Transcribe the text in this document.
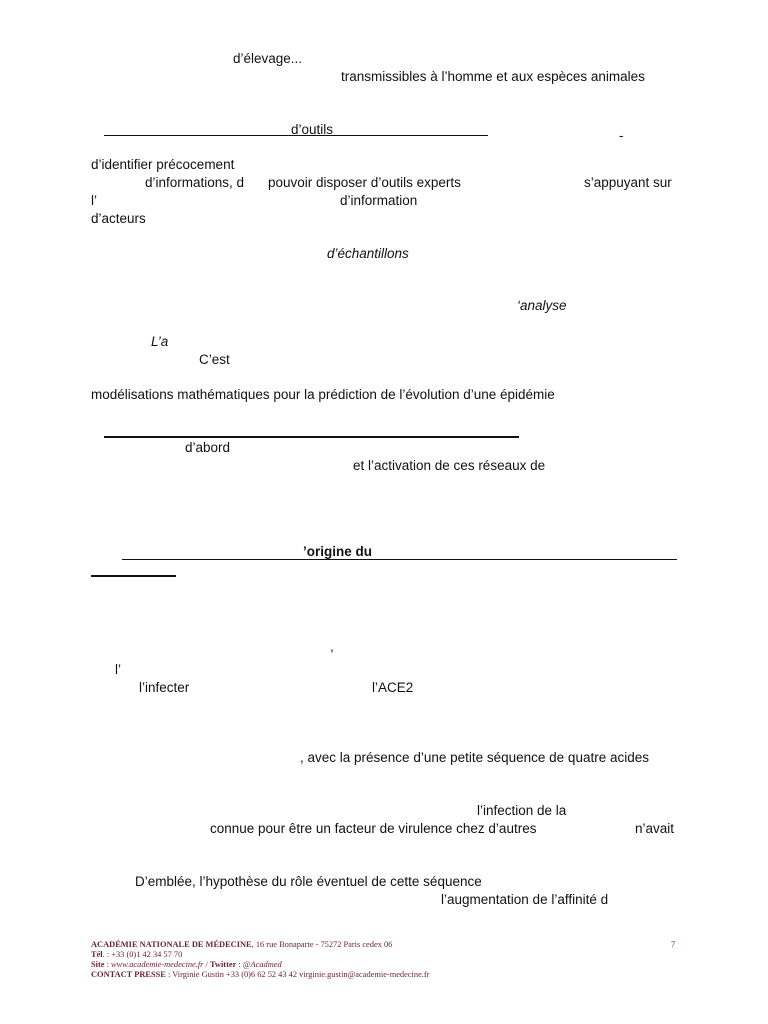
d’élevage...
transmissibles à l’homme et aux espèces animales
d’outils	-
d’identifier précocement
d’informations, d pouvoir disposer d’outils experts	s’appuyant sur
l’	d’information
d’acteurs
d’échantillons
‘analyse
L’a
C’est
modélisations mathématiques pour la prédiction de l’évolution d’une épidémie
d’abord
et l’activation de ces réseaux de
’origine du
,
l’
l’infecter	l’ACE2
, avec la présence d’une petite séquence de quatre acides
l’infection de la
connue pour être un facteur de virulence chez d’autres	n’avait
D’emblée, l’hypothèse du rôle éventuel de cette séquence
l’augmentation de l’affinité d
ACADÉMIE NATIONALE DE MÉDECINE, 16 rue Bonaparte - 75272 Paris cedex 06
Tél. : +33 (0)1 42 34 57 70
Site : www.academie-medecine.fr / Twitter : @Acadmed
CONTACT PRESSE : Virginie Gustin +33 (0)6 62 52 43 42 virginie.gustin@academie-medecine.fr
7
